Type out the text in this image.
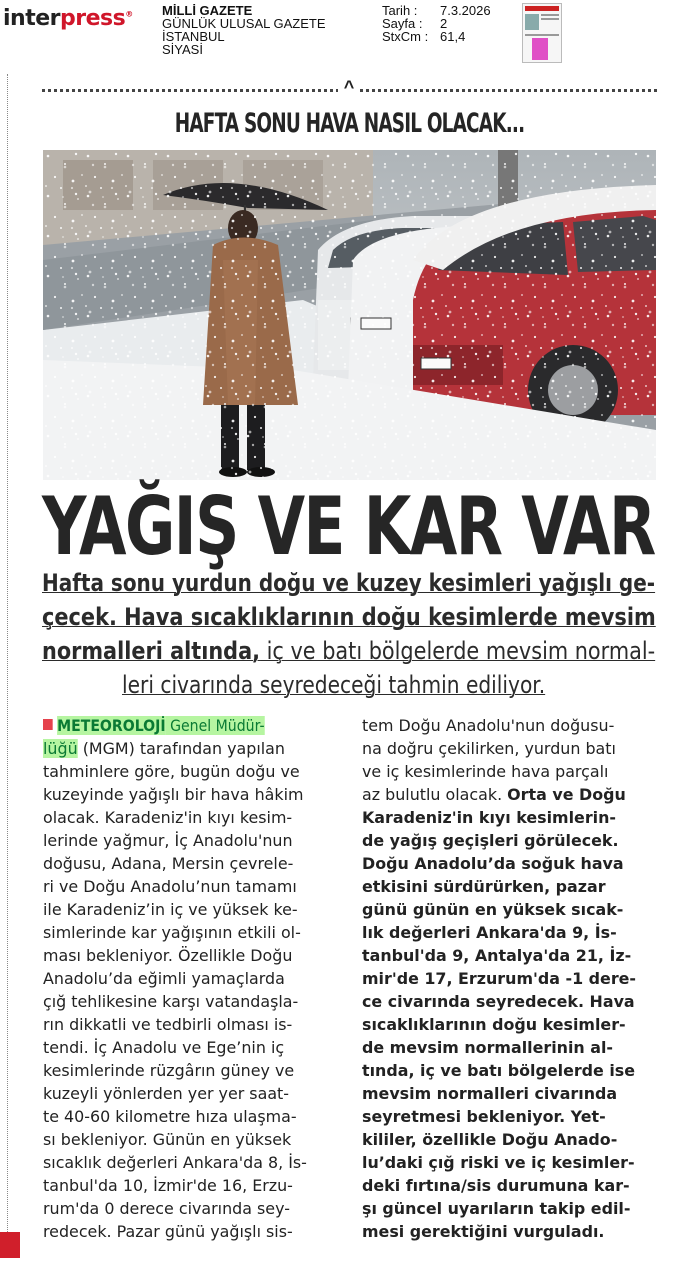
interpress® MİLLİ GAZETE
GÜNLÜK ULUSAL GAZETE
İSTANBUL
SİYASİ
Tarih : 7.3.2026
Sayfa : 2
StxCm : 61,4
^
HAFTA SONU HAVA NASIL OLACAK...
YAĞIŞ VE KAR VAR
Hafta sonu yurdun doğu ve kuzey kesimleri yağışlı ge-
çecek. Hava sıcaklıklarının doğu kesimlerde mevsim
normalleri altında, iç ve batı bölgelerde mevsim normal-
leri civarında seyredeceği tahmin ediliyor.
METEOROLOJİ Genel Müdür-
lüğü (MGM) tarafından yapılan
tahminlere göre, bugün doğu ve
kuzeyinde yağışlı bir hava hâkim
olacak. Karadeniz'in kıyı kesim-
lerinde yağmur, İç Anadolu'nun
doğusu, Adana, Mersin çevrele-
ri ve Doğu Anadolu’nun tamamı
ile Karadeniz’in iç ve yüksek ke-
simlerinde kar yağışının etkili ol-
ması bekleniyor. Özellikle Doğu
Anadolu’da eğimli yamaçlarda
çığ tehlikesine karşı vatandaşla-
rın dikkatli ve tedbirli olması is-
tendi. İç Anadolu ve Ege’nin iç
kesimlerinde rüzgârın güney ve
kuzeyli yönlerden yer yer saat-
te 40-60 kilometre hıza ulaşma-
sı bekleniyor. Günün en yüksek
sıcaklık değerleri Ankara'da 8, İs-
tanbul'da 10, İzmir'de 16, Erzu-
rum'da 0 derece civarında sey-
redecek. Pazar günü yağışlı sis-
tem Doğu Anadolu'nun doğusu-
na doğru çekilirken, yurdun batı
ve iç kesimlerinde hava parçalı
az bulutlu olacak. Orta ve Doğu
Karadeniz'in kıyı kesimlerin-
de yağış geçişleri görülecek.
Doğu Anadolu’da soğuk hava
etkisini sürdürürken, pazar
günü günün en yüksek sıcak-
lık değerleri Ankara'da 9, İs-
tanbul'da 9, Antalya'da 21, İz-
mir'de 17, Erzurum'da -1 dere-
ce civarında seyredecek. Hava
sıcaklıklarının doğu kesimler-
de mevsim normallerinin al-
tında, iç ve batı bölgelerde ise
mevsim normalleri civarında
seyretmesi bekleniyor. Yet-
kililer, özellikle Doğu Anado-
lu’daki çığ riski ve iç kesimler-
deki fırtına/sis durumuna kar-
şı güncel uyarıların takip edil-
mesi gerektiğini vurguladı.
